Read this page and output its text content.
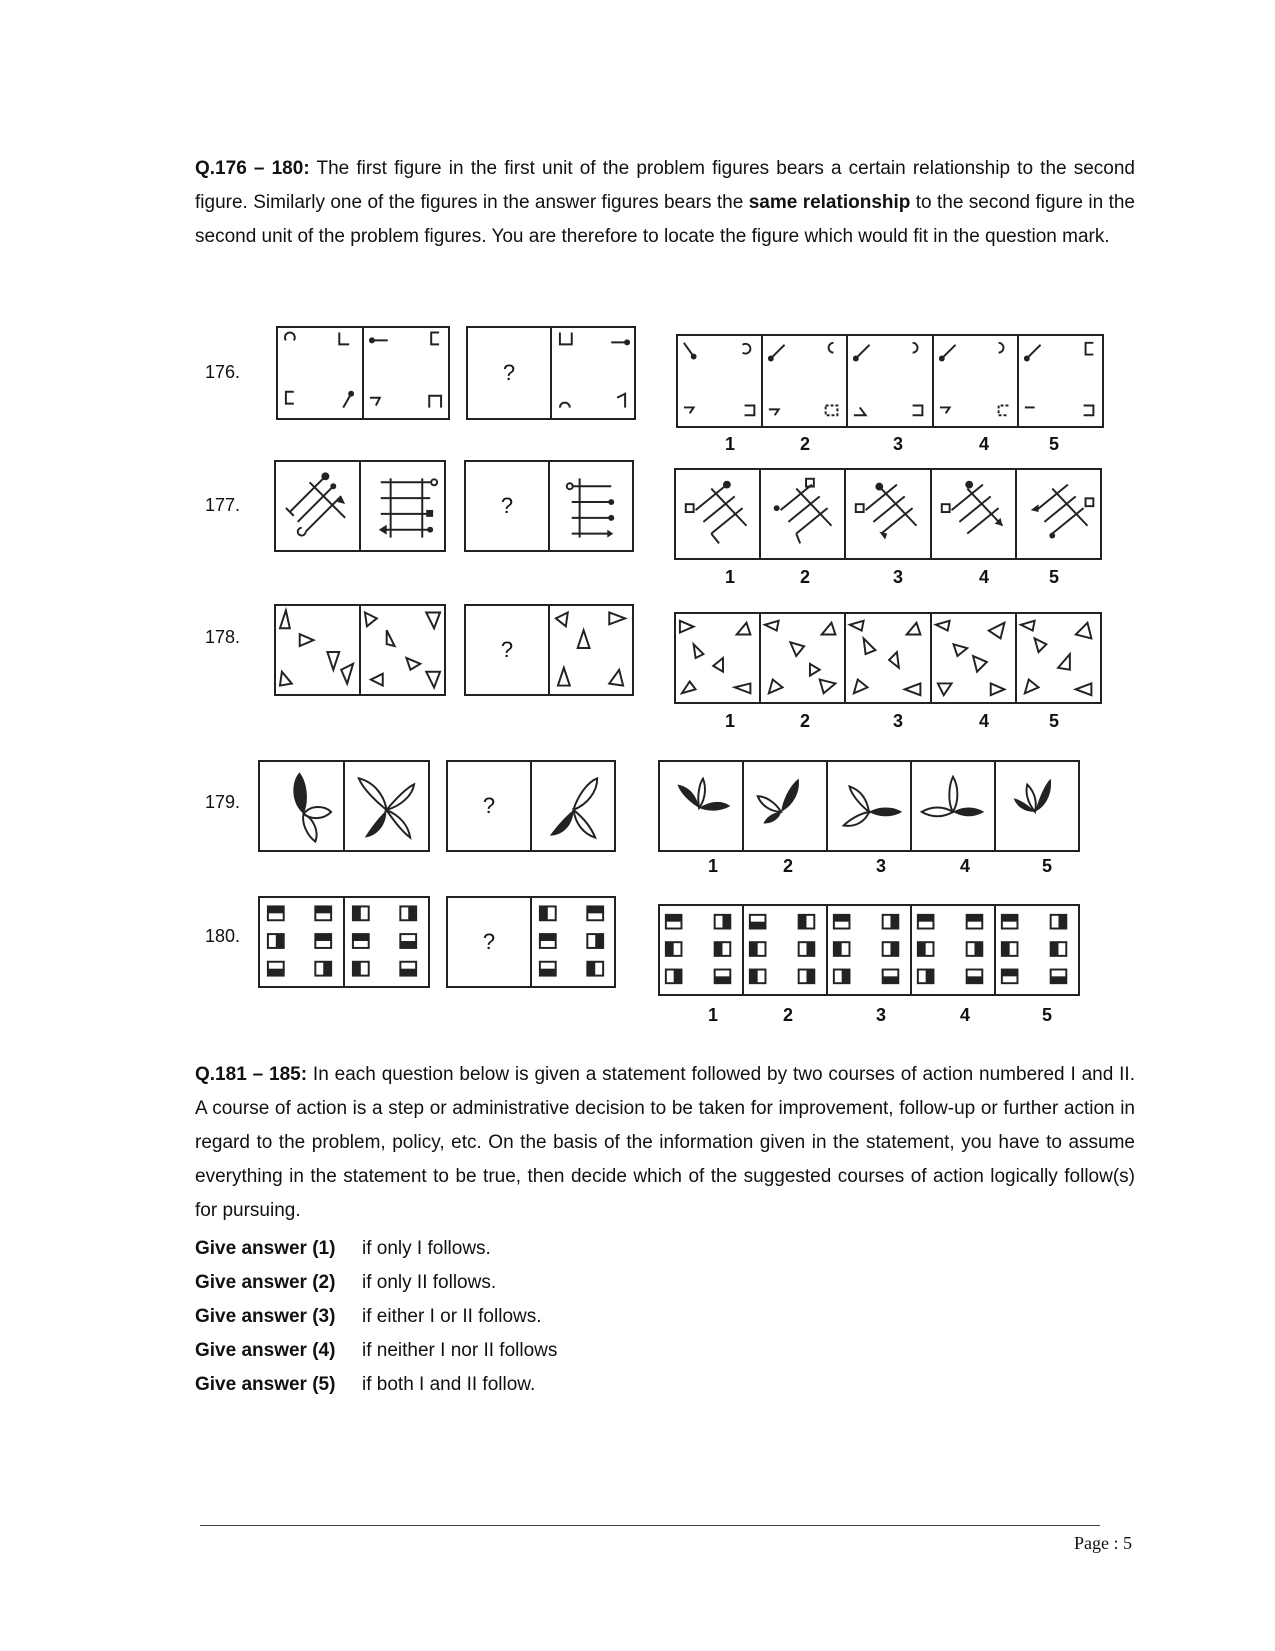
Q.176 – 180: The first figure in the first unit of the problem figures bears a certain relationship to the second figure. Similarly one of the figures in the answer figures bears the same relationship to the second figure in the second unit of the problem figures. You are therefore to locate the figure which would fit in the question mark.
176.	?
1	2	3	4	5
177.	?
1	2	3	4	5
178.	?
1	2	3	4	5
179.	?
1	2	3	4	5
180.	?
1	2	3	4	5
Q.181 – 185: In each question below is given a statement followed by two courses of action numbered I and II. A course of action is a step or administrative decision to be taken for improvement, follow-up or further action in regard to the problem, policy, etc. On the basis of the information given in the statement, you have to assume everything in the statement to be true, then decide which of the suggested courses of action logically follow(s) for pursuing.
Give answer (1)	if only I follows.
Give answer (2)	if only II follows.
Give answer (3)	if either I or II follows.
Give answer (4)	if neither I nor II follows
Give answer (5)	if both I and II follow.
Page : 5
